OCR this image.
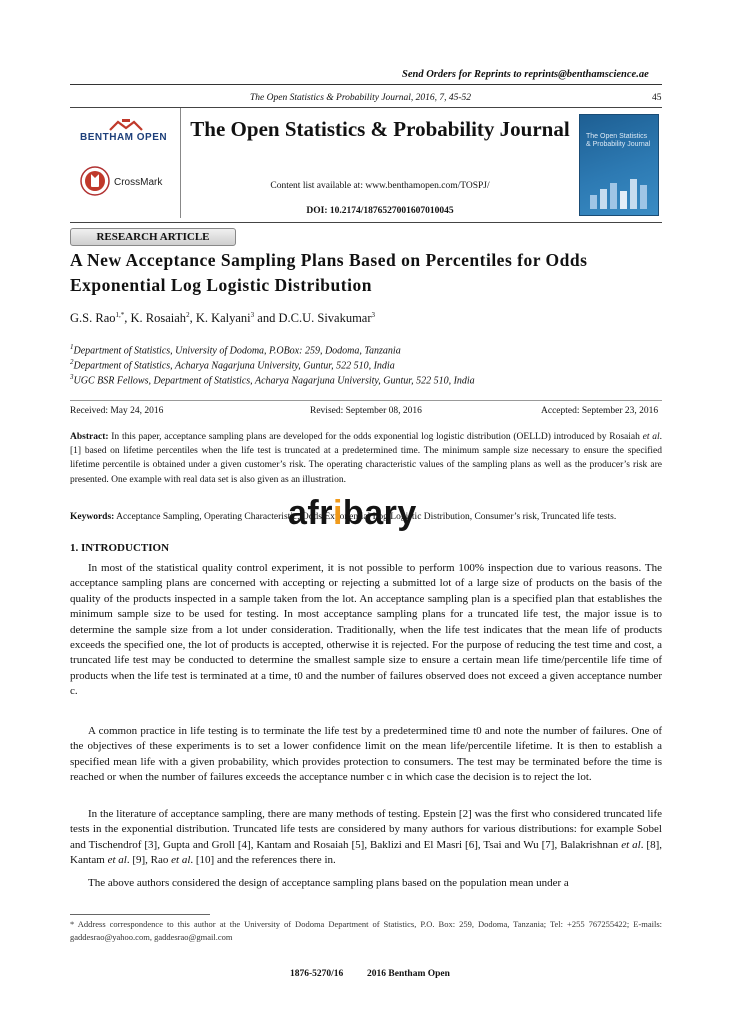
Send Orders for Reprints to reprints@benthamscience.ae
The Open Statistics & Probability Journal, 2016, 7, 45-52	45
BENTHAM OPEN
CrossMark
The Open Statistics & Probability Journal
Content list available at: www.benthamopen.com/TOSPJ/
DOI: 10.2174/1876527001607010045
The Open Statistics & Probability Journal
RESEARCH ARTICLE
A New Acceptance Sampling Plans Based on Percentiles for Odds Exponential Log Logistic Distribution
G.S. Rao$^{1,*}$, K. Rosaiah$^2$, K. Kalyani$^3$ and D.C.U. Sivakumar$^3$
$^1$Department of Statistics, University of Dodoma, P.OBox: 259, Dodoma, Tanzania
$^2$Department of Statistics, Acharya Nagarjuna University, Guntur, 522 510, India
$^3$UGC BSR Fellows, Department of Statistics, Acharya Nagarjuna University, Guntur, 522 510, India
Received: May 24, 2016	Revised: September 08, 2016	Accepted: September 23, 2016
Abstract: In this paper, acceptance sampling plans are developed for the odds exponential log logistic distribution (OELLD) introduced by Rosaiah et al. [1] based on lifetime percentiles when the life test is truncated at a predetermined time. The minimum sample size necessary to ensure the specified lifetime percentile is obtained under a given customer’s risk. The operating characteristic values of the sampling plans as well as the producer’s risk are presented. One example with real data set is also given as an illustration.
Keywords: Acceptance Sampling, Operating Characteristic, Odds Exponential Log Logistic Distribution, Consumer’s risk, Truncated life tests.
afribary
1. INTRODUCTION

In most of the statistical quality control experiment, it is not possible to perform 100% inspection due to various reasons. The acceptance sampling plans are concerned with accepting or rejecting a submitted lot of a large size of products on the basis of the quality of the products inspected in a sample taken from the lot. An acceptance sampling plan is a specified plan that establishes the minimum sample size to be used for testing. In most acceptance sampling plans for a truncated life test, the major issue is to determine the sample size from a lot under consideration. Traditionally, when the life test indicates that the mean life of products exceeds the specified one, the lot of products is accepted, otherwise it is rejected. For the purpose of reducing the test time and cost, a truncated life test may be conducted to determine the smallest sample size to ensure a certain mean life time/percentile life time of products when the life test is terminated at a time, t0 and the number of failures observed does not exceed a given acceptance number c.

A common practice in life testing is to terminate the life test by a predetermined time t0 and note the number of failures. One of the objectives of these experiments is to set a lower confidence limit on the mean life/percentile lifetime. It is then to establish a specified mean life with a given probability, which provides protection to consumers. The test may be terminated before the time is reached or when the number of failures exceeds the acceptance number c in which case the decision is to reject the lot.

In the literature of acceptance sampling, there are many methods of testing. Epstein [2] was the first who considered truncated life tests in the exponential distribution. Truncated life tests are considered by many authors for various distributions: for example Sobel and Tischendrof [3], Gupta and Groll [4], Kantam and Rosaiah [5], Baklizi and El Masri [6], Tsai and Wu [7], Balakrishnan et al. [8], Kantam et al. [9], Rao et al. [10] and the references there in.

The above authors considered the design of acceptance sampling plans based on the population mean under a

* Address correspondence to this author at the University of Dodoma Department of Statistics, P.O. Box: 259, Dodoma, Tanzania; Tel: +255 767255422; E-mails: gaddesrao@yahoo.com, gaddesrao@gmail.com
1876-5270/16          2016 Bentham Open
